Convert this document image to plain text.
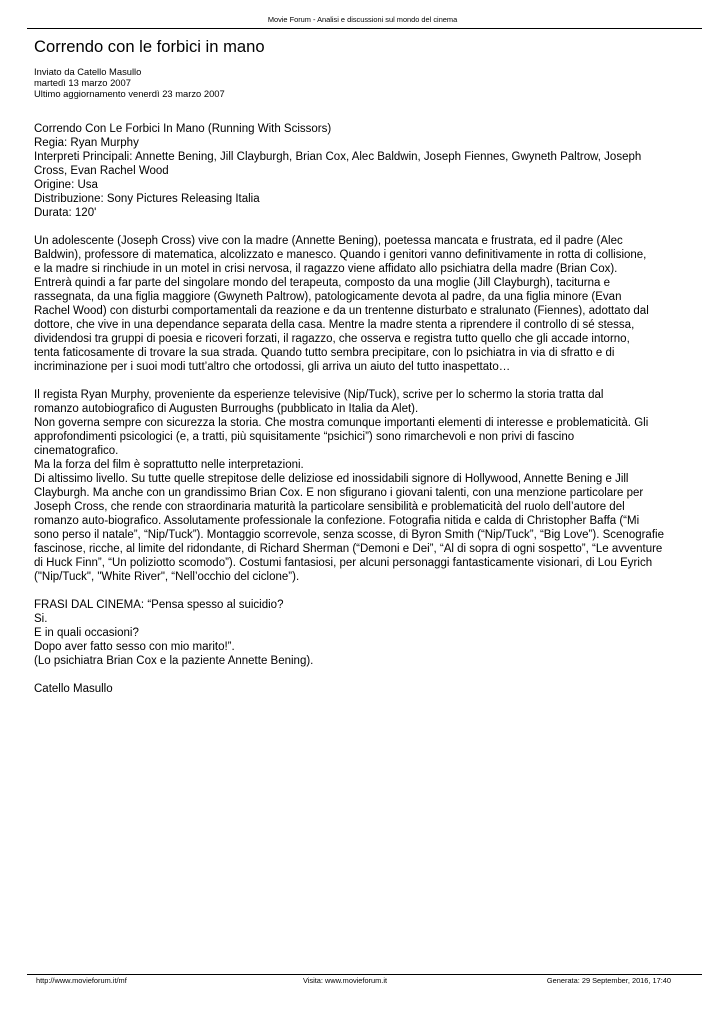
Movie Forum - Analisi e discussioni sul mondo del cinema
Correndo con le forbici in mano
Inviato da Catello Masullo
martedì 13 marzo 2007
Ultimo aggiornamento venerdì 23 marzo 2007
Correndo Con Le Forbici In Mano (Running With Scissors)
Regia: Ryan Murphy
Interpreti Principali: Annette Bening, Jill Clayburgh, Brian Cox, Alec Baldwin, Joseph Fiennes, Gwyneth Paltrow, Joseph
Cross, Evan Rachel Wood
Origine: Usa
Distribuzione: Sony Pictures Releasing Italia
Durata: 120'
Un adolescente (Joseph Cross) vive con la madre (Annette Bening), poetessa mancata e frustrata, ed il padre (Alec
Baldwin), professore di matematica, alcolizzato e manesco. Quando i genitori vanno definitivamente in rotta di collisione,
e la madre si rinchiude in un motel in crisi nervosa, il ragazzo viene affidato allo psichiatra della madre (Brian Cox).
Entrerà quindi a far parte del singolare mondo del terapeuta, composto da una moglie (Jill Clayburgh), taciturna e
rassegnata, da una figlia maggiore (Gwyneth Paltrow), patologicamente devota al padre, da una figlia minore (Evan
Rachel Wood) con disturbi comportamentali da reazione e da un trentenne disturbato e stralunato (Fiennes), adottato dal
dottore, che vive in una dependance separata della casa. Mentre la madre stenta a riprendere il controllo di sé stessa,
dividendosi tra gruppi di poesia e ricoveri forzati, il ragazzo, che osserva e registra tutto quello che gli accade intorno,
tenta faticosamente di trovare la sua strada. Quando tutto sembra precipitare, con lo psichiatra in via di sfratto e di
incriminazione per i suoi modi tutt’altro che ortodossi, gli arriva un aiuto del tutto inaspettato…
Il regista Ryan Murphy, proveniente da esperienze televisive (Nip/Tuck), scrive per lo schermo la storia tratta dal
romanzo autobiografico di Augusten Burroughs (pubblicato in Italia da Alet).
Non governa sempre con sicurezza la storia. Che mostra comunque importanti elementi di interesse e problematicità. Gli
approfondimenti psicologici (e, a tratti, più squisitamente “psichici”) sono rimarchevoli e non privi di fascino
cinematografico.
Ma la forza del film è soprattutto nelle interpretazioni.
Di altissimo livello. Su tutte quelle strepitose delle deliziose ed inossidabili signore di Hollywood, Annette Bening e Jill
Clayburgh. Ma anche con un grandissimo Brian Cox. E non sfigurano i giovani talenti, con una menzione particolare per
Joseph Cross, che rende con straordinaria maturità la particolare sensibilità e problematicità del ruolo dell’autore del
romanzo auto-biografico. Assolutamente professionale la confezione. Fotografia nitida e calda di Christopher Baffa (“Mi
sono perso il natale”, “Nip/Tuck”). Montaggio scorrevole, senza scosse, di Byron Smith (“Nip/Tuck”, “Big Love”). Scenografie
fascinose, ricche, al limite del ridondante, di Richard Sherman (“Demoni e Dei”, “Al di sopra di ogni sospetto”, “Le avventure
di Huck Finn”, “Un poliziotto scomodo”). Costumi fantasiosi, per alcuni personaggi fantasticamente visionari, di Lou Eyrich
("Nip/Tuck", "White River", “Nell’occhio del ciclone”).
FRASI DAL CINEMA: “Pensa spesso al suicidio?
Si.
E in quali occasioni?
Dopo aver fatto sesso con mio marito!”.
(Lo psichiatra Brian Cox e la paziente Annette Bening).
Catello Masullo
http://www.movieforum.it/mf	Visita: www.movieforum.it	Generata: 29 September, 2016, 17:40
